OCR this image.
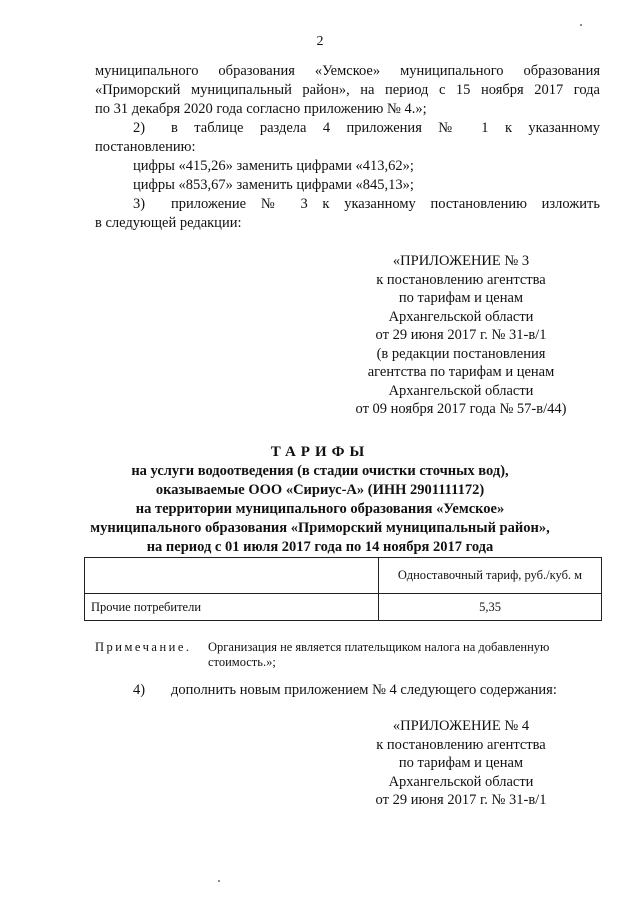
2
муниципального образования «Уемское» муниципального образования
«Приморский муниципальный район», на период с 15 ноября 2017 года
по 31 декабря 2020 года согласно приложению № 4.»;
2) в таблице раздела 4 приложения № 1 к указанному
постановлению:
цифры «415,26» заменить цифрами «413,62»;
цифры «853,67» заменить цифрами «845,13»;
3) приложение № 3 к указанному постановлению изложить
в следующей редакции:
«ПРИЛОЖЕНИЕ № 3
к постановлению агентства
по тарифам и ценам
Архангельской области
от 29 июня 2017 г. № 31-в/1
(в редакции постановления
агентства по тарифам и ценам
Архангельской области
от 09 ноября 2017 года № 57-в/44)
ТАРИФЫ
на услуги водоотведения (в стадии очистки сточных вод),
оказываемые ООО «Сириус-А» (ИНН 2901111172)
на территории муниципального образования «Уемское»
муниципального образования «Приморский муниципальный район»,
на период с 01 июля 2017 года по 14 ноября 2017 года
	Одноставочный тариф, руб./куб. м
Прочие потребители	5,35
Примечание.	Организация не является плательщиком налога на добавленную стоимость.»;
4) дополнить новым приложением № 4 следующего содержания:
«ПРИЛОЖЕНИЕ № 4
к постановлению агентства
по тарифам и ценам
Архангельской области
от 29 июня 2017 г. № 31-в/1
